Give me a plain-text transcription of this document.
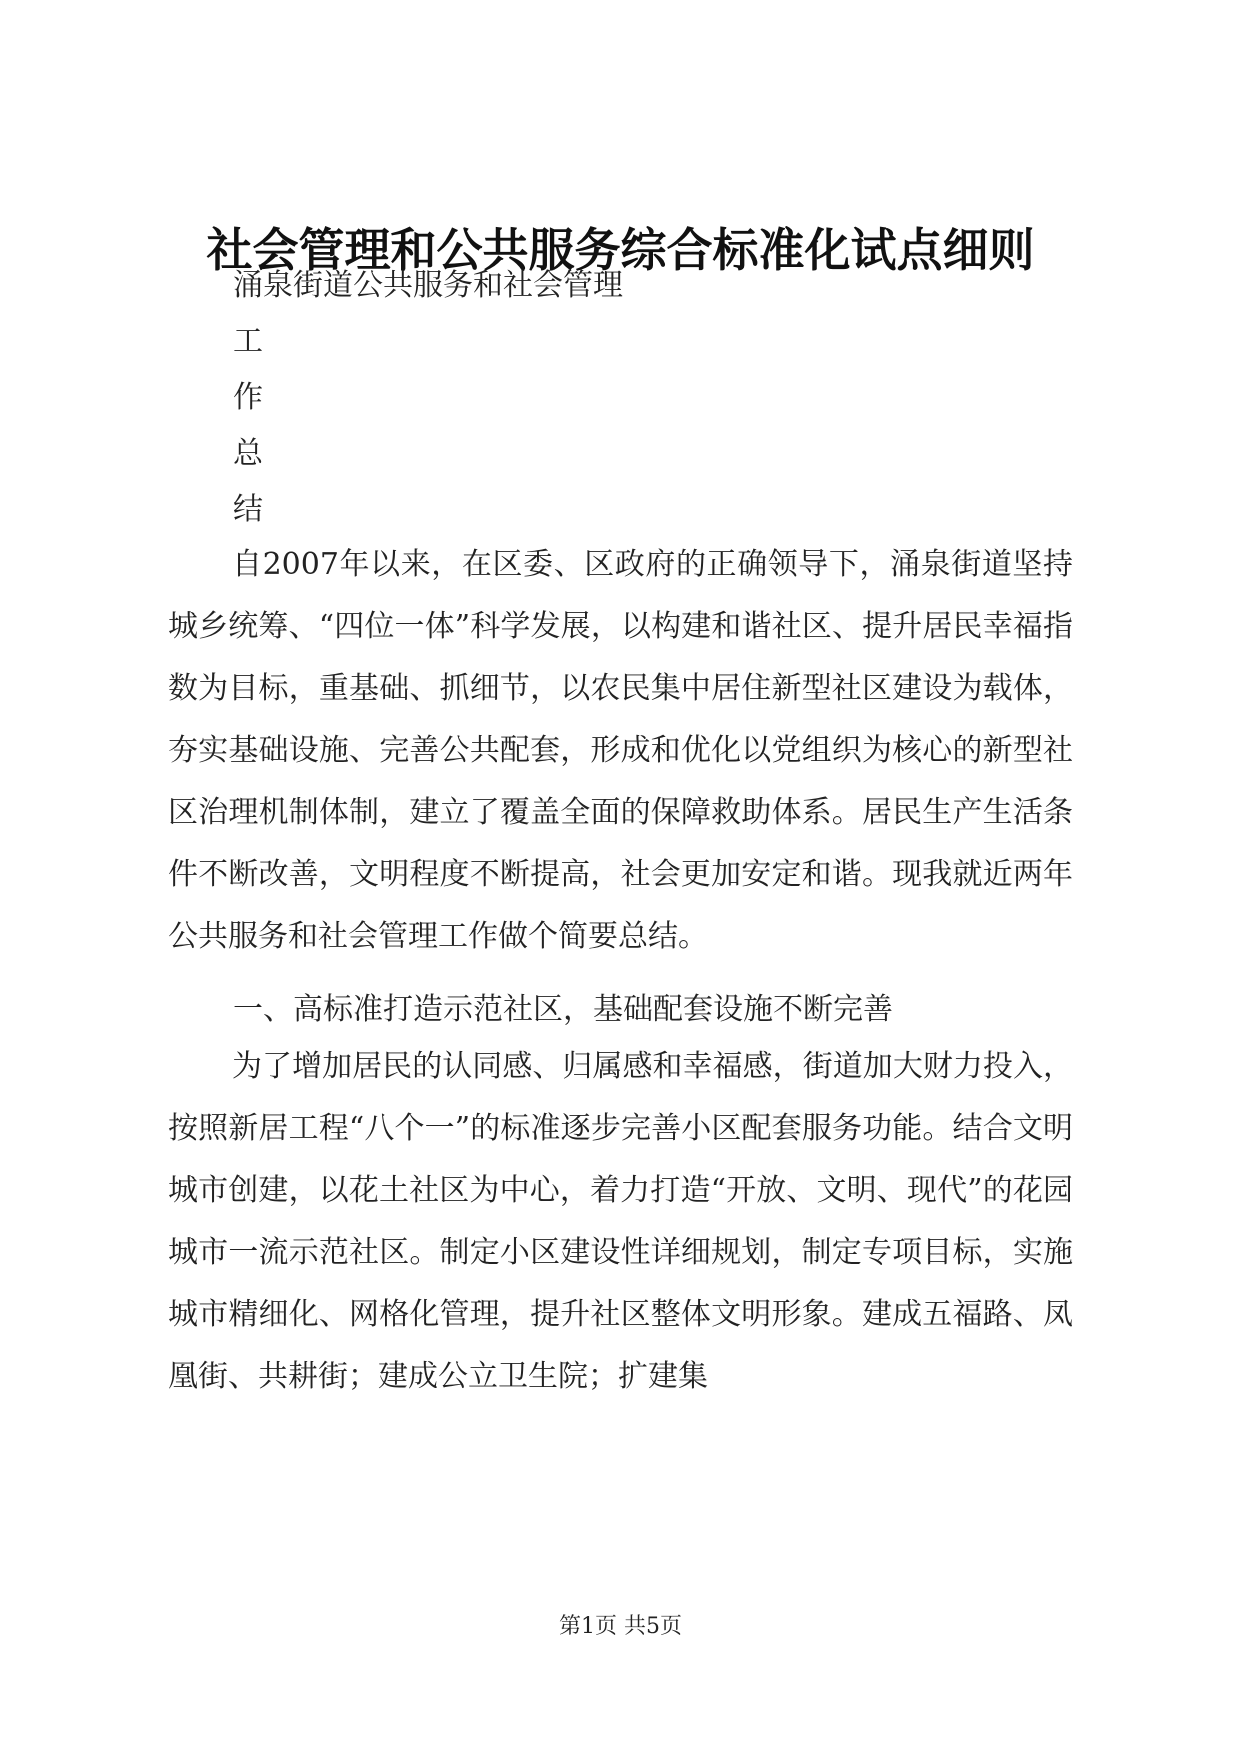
社会管理和公共服务综合标准化试点细则
涌泉街道公共服务和社会管理
工
作
总
结
自2007年以来，在区委、区政府的正确领导下，涌泉街道坚持城乡统筹、“四位一体”科学发展，以构建和谐社区、提升居民幸福指数为目标，重基础、抓细节，以农民集中居住新型社区建设为载体，夯实基础设施、完善公共配套，形成和优化以党组织为核心的新型社区治理机制体制，建立了覆盖全面的保障救助体系。居民生产生活条件不断改善，文明程度不断提高，社会更加安定和谐。现我就近两年公共服务和社会管理工作做个简要总结。
一、高标准打造示范社区，基础配套设施不断完善
为了增加居民的认同感、归属感和幸福感，街道加大财力投入，按照新居工程“八个一”的标准逐步完善小区配套服务功能。结合文明城市创建，以花土社区为中心，着力打造“开放、文明、现代”的花园城市一流示范社区。制定小区建设性详细规划，制定专项目标，实施城市精细化、网格化管理，提升社区整体文明形象。建成五福路、凤凰街、共耕街；建成公立卫生院；扩建集
第1页 共5页
